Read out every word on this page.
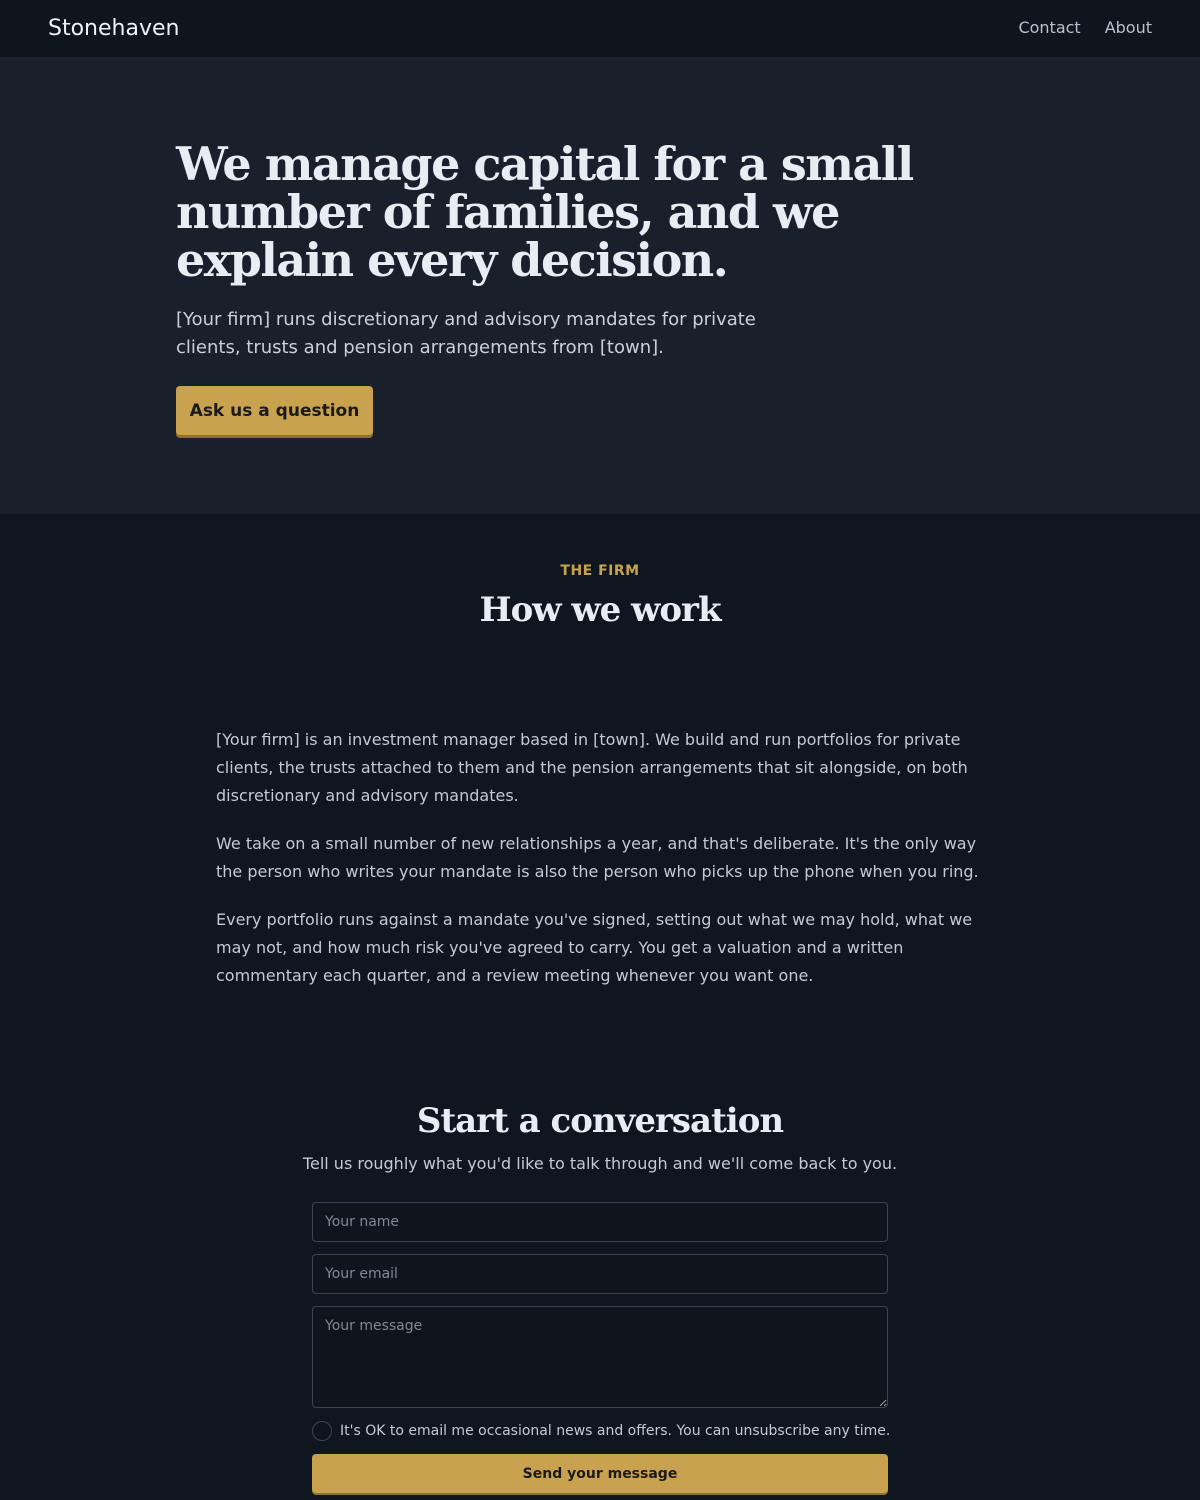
Stonehaven	Contact About
We manage capital for a small number of families, and we explain every decision.

[Your firm] runs discretionary and advisory mandates for private clients, trusts and pension arrangements from [town].

Ask us a question
THE FIRM
How we work

[Your firm] is an investment manager based in [town]. We build and run portfolios for private clients, the trusts attached to them and the pension arrangements that sit alongside, on both discretionary and advisory mandates.

We take on a small number of new relationships a year, and that's deliberate. It's the only way the person who writes your mandate is also the person who picks up the phone when you ring.

Every portfolio runs against a mandate you've signed, setting out what we may hold, what we may not, and how much risk you've agreed to carry. You get a valuation and a written commentary each quarter, and a review meeting whenever you want one.

Start a conversation
Tell us roughly what you'd like to talk through and we'll come back to you.
Your name
Your email
Your message
It's OK to email me occasional news and offers. You can unsubscribe any time.
Send your message
